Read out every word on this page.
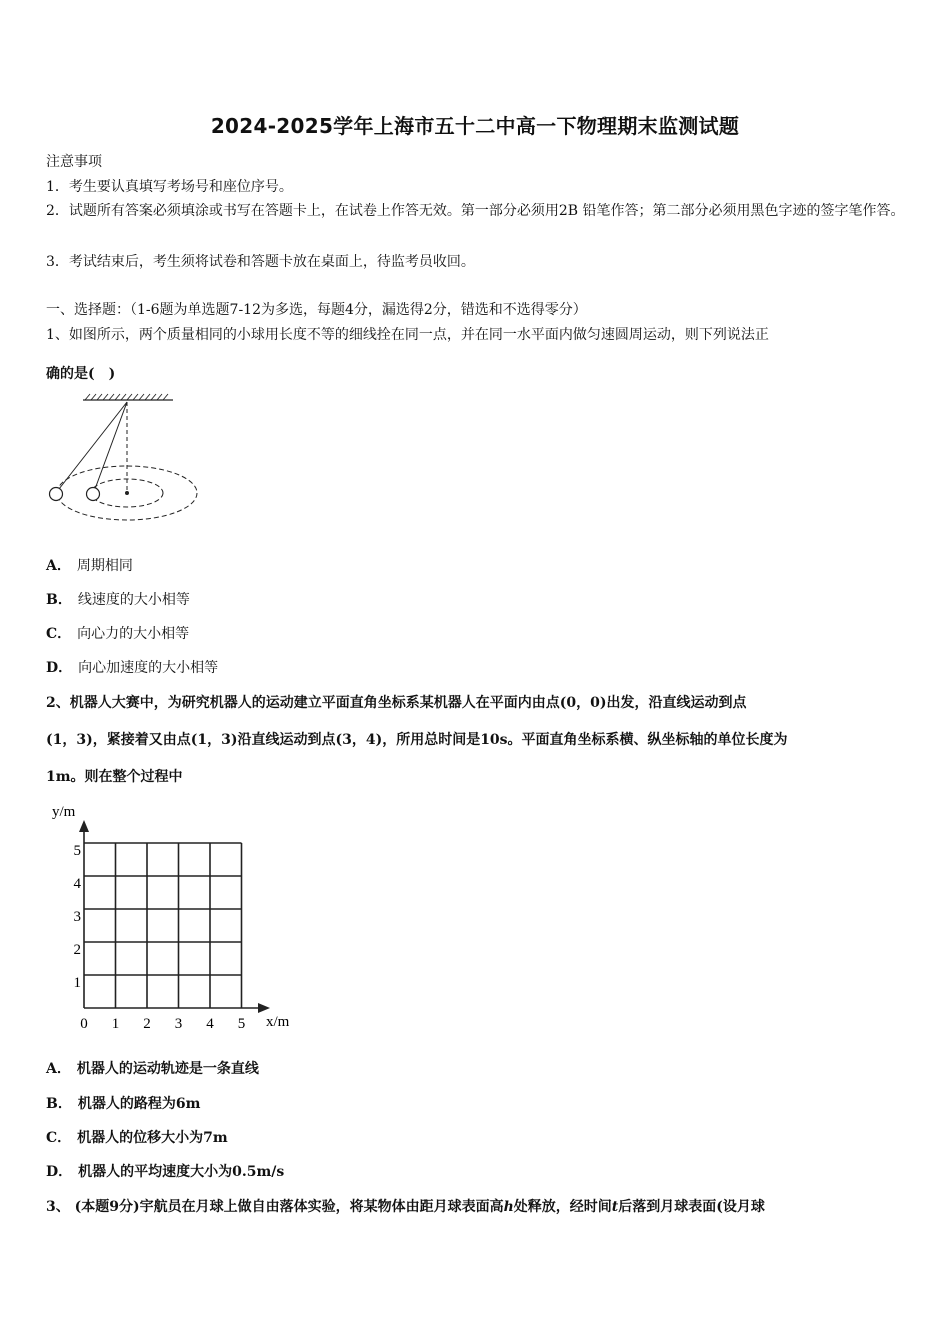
2024-2025学年上海市五十二中高一下物理期末监测试题
注意事项
1．考生要认真填写考场号和座位序号。
2．试题所有答案必须填涂或书写在答题卡上，在试卷上作答无效。第一部分必须用2B 铅笔作答；第二部分必须用黑色字迹的签字笔作答。
3．考试结束后，考生须将试卷和答题卡放在桌面上，待监考员收回。
一、选择题：（1-6题为单选题7-12为多选，每题4分，漏选得2分，错选和不选得零分）
1、如图所示，两个质量相同的小球用长度不等的细线拴在同一点，并在同一水平面内做匀速圆周运动，则下列说法正
确的是(　)
A． 周期相同
B． 线速度的大小相等
C． 向心力的大小相等
D． 向心加速度的大小相等
2、机器人大赛中，为研究机器人的运动建立平面直角坐标系某机器人在平面内由点(0，0)出发，沿直线运动到点
(1，3)，紧接着又由点(1，3)沿直线运动到点(3，4)，所用总时间是10s。平面直角坐标系横、纵坐标轴的单位长度为
1m。则在整个过程中
y/m
x/m
0 1 2 3 4 5
1
2
3
4
5
A． 机器人的运动轨迹是一条直线
B． 机器人的路程为6m
C． 机器人的位移大小为7m
D． 机器人的平均速度大小为0.5m/s
3、 (本题9分)宇航员在月球上做自由落体实验，将某物体由距月球表面高h处释放，经时间t后落到月球表面(设月球
